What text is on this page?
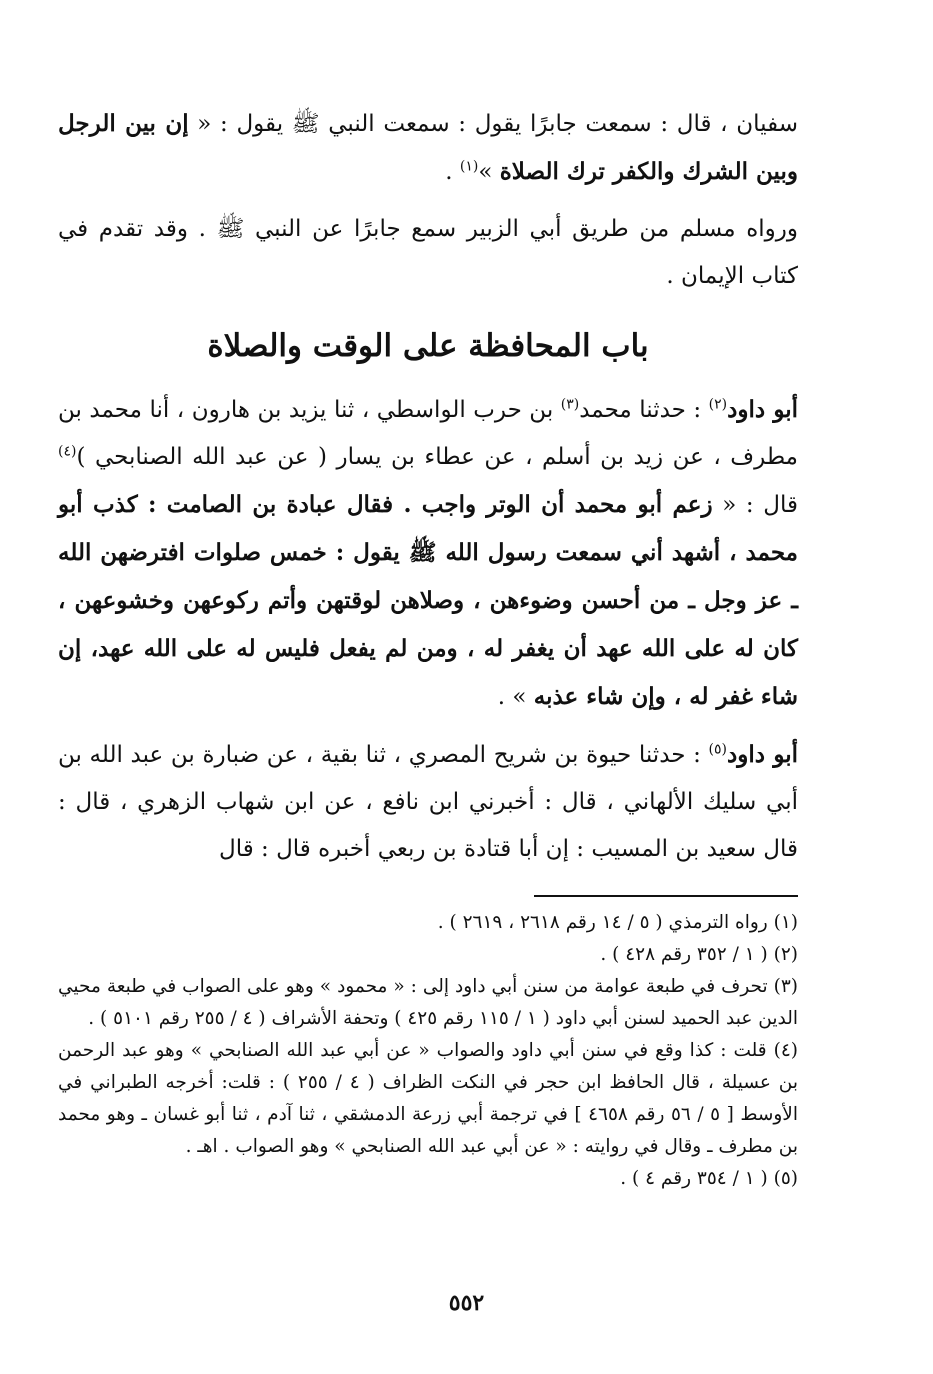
سفيان ، قال : سمعت جابرًا يقول : سمعت النبي ﷺ يقول : « إن بين الرجل وبين الشرك والكفر ترك الصلاة »$^{(١)}$ .

ورواه مسلم من طريق أبي الزبير سمع جابرًا عن النبي ﷺ . وقد تقدم في كتاب الإيمان .

باب المحافظة على الوقت والصلاة

أبو داود$^{(٢)}$ : حدثنا محمد$^{(٣)}$ بن حرب الواسطي ، ثنا يزيد بن هارون ، أنا محمد بن مطرف ، عن زيد بن أسلم ، عن عطاء بن يسار ( عن عبد الله الصنابحي )$^{(٤)}$ قال : « زعم أبو محمد أن الوتر واجب . فقال عبادة بن الصامت : كذب أبو محمد ، أشهد أني سمعت رسول الله ﷺ يقول : خمس صلوات افترضهن الله ـ عز وجل ـ من أحسن وضوءهن ، وصلاهن لوقتهن وأتم ركوعهن وخشوعهن ، كان له على الله عهد أن يغفر له ، ومن لم يفعل فليس له على الله عهد، إن شاء غفر له ، وإن شاء عذبه » .

أبو داود$^{(٥)}$ : حدثنا حيوة بن شريح المصري ، ثنا بقية ، عن ضبارة بن عبد الله بن أبي سليك الألهاني ، قال : أخبرني ابن نافع ، عن ابن شهاب الزهري ، قال : قال سعيد بن المسيب : إن أبا قتادة بن ربعي أخبره قال : قال

(١) رواه الترمذي ( ٥ / ١٤ رقم ٢٦١٨ ، ٢٦١٩ ) .
(٢) ( ١ / ٣٥٢ رقم ٤٢٨ ) .
(٣) تحرف في طبعة عوامة من سنن أبي داود إلى : « محمود » وهو على الصواب في طبعة محيي الدين عبد الحميد لسنن أبي داود ( ١ / ١١٥ رقم ٤٢٥ ) وتحفة الأشراف ( ٤ / ٢٥٥ رقم ٥١٠١ ) .
(٤) قلت : كذا وقع في سنن أبي داود والصواب « عن أبي عبد الله الصنابحي » وهو عبد الرحمن بن عسيلة ، قال الحافظ ابن حجر في النكت الظراف ( ٤ / ٢٥٥ ) : قلت: أخرجه الطبراني في الأوسط [ ٥ / ٥٦ رقم ٤٦٥٨ ] في ترجمة أبي زرعة الدمشقي ، ثنا آدم ، ثنا أبو غسان ـ وهو محمد بن مطرف ـ وقال في روايته : « عن أبي عبد الله الصنابحي » وهو الصواب . اهـ .
(٥) ( ١ / ٣٥٤ رقم ٤ ) .
٥٥٢
